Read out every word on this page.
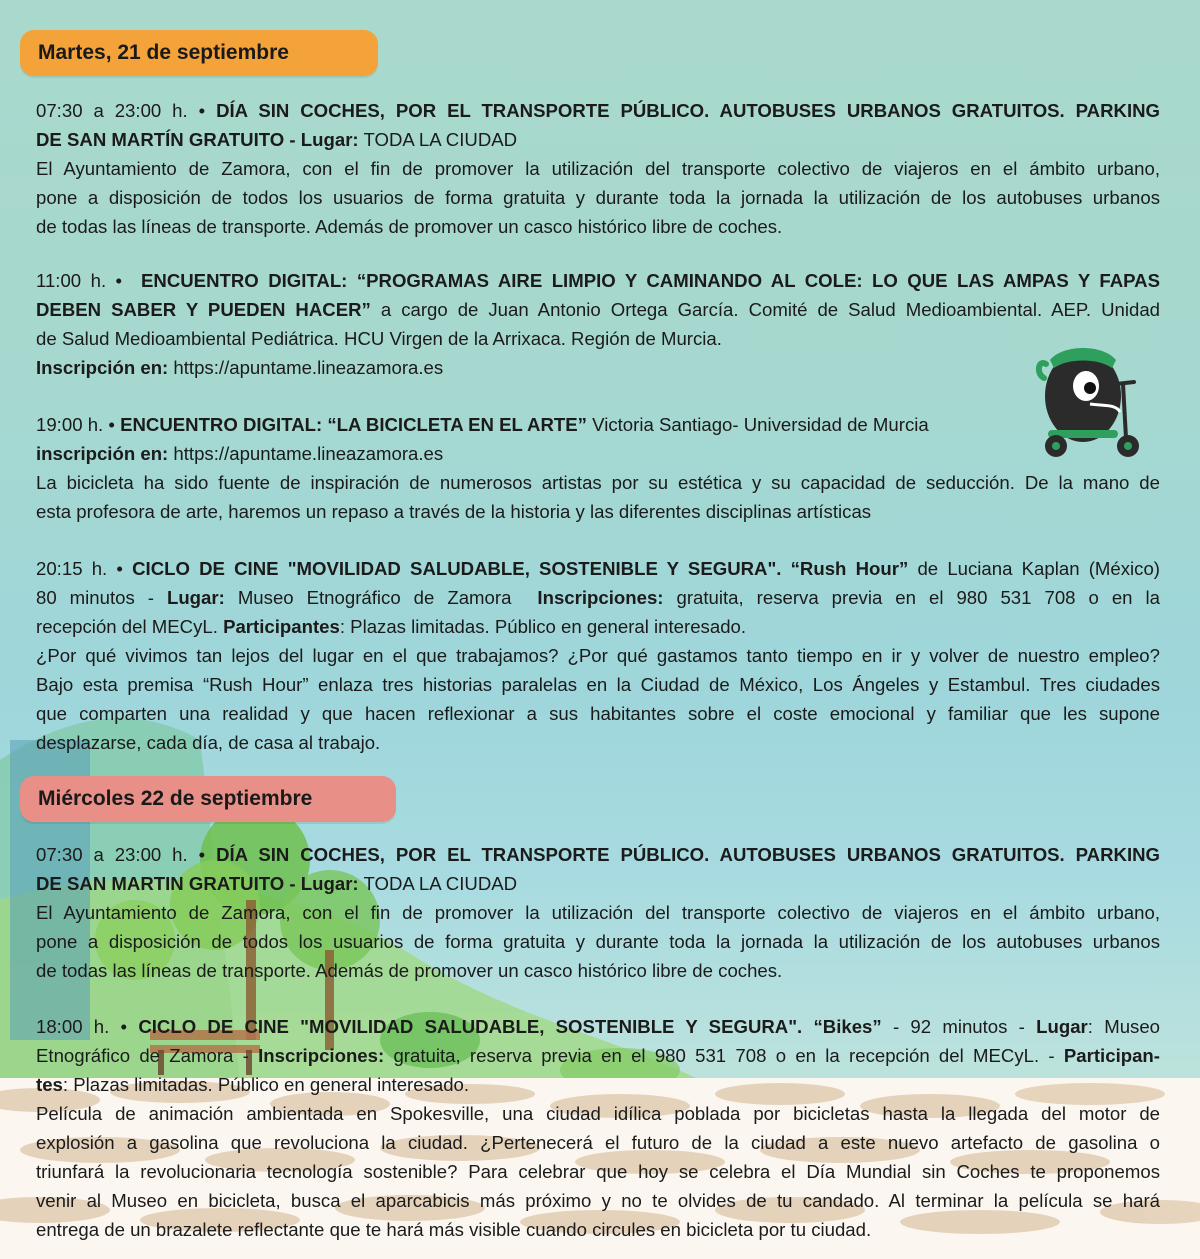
Martes, 21 de septiembre
07:30 a 23:00 h. • DÍA SIN COCHES, POR EL TRANSPORTE PÚBLICO. AUTOBUSES URBANOS GRATUITOS. PARKING
DE SAN MARTÍN GRATUITO - Lugar: TODA LA CIUDAD
El Ayuntamiento de Zamora, con el fin de promover la utilización del transporte colectivo de viajeros en el ámbito urbano,
pone a disposición de todos los usuarios de forma gratuita y durante toda la jornada la utilización de los autobuses urbanos
de todas las líneas de transporte. Además de promover un casco histórico libre de coches.
11:00 h. • ENCUENTRO DIGITAL: “PROGRAMAS AIRE LIMPIO Y CAMINANDO AL COLE: LO QUE LAS AMPAS Y FAPAS
DEBEN SABER Y PUEDEN HACER” a cargo de Juan Antonio Ortega García. Comité de Salud Medioambiental. AEP. Unidad
de Salud Medioambiental Pediátrica. HCU Virgen de la Arrixaca. Región de Murcia.
Inscripción en: https://apuntame.lineazamora.es
19:00 h. • ENCUENTRO DIGITAL: “LA BICICLETA EN EL ARTE” Victoria Santiago- Universidad de Murcia
inscripción en: https://apuntame.lineazamora.es
La bicicleta ha sido fuente de inspiración de numerosos artistas por su estética y su capacidad de seducción. De la mano de
esta profesora de arte, haremos un repaso a través de la historia y las diferentes disciplinas artísticas
20:15 h. • CICLO DE CINE "MOVILIDAD SALUDABLE, SOSTENIBLE Y SEGURA". “Rush Hour” de Luciana Kaplan (México)
80 minutos - Lugar: Museo Etnográfico de Zamora Inscripciones: gratuita, reserva previa en el 980 531 708 o en la
recepción del MECyL. Participantes: Plazas limitadas. Público en general interesado.
¿Por qué vivimos tan lejos del lugar en el que trabajamos? ¿Por qué gastamos tanto tiempo en ir y volver de nuestro empleo?
Bajo esta premisa “Rush Hour” enlaza tres historias paralelas en la Ciudad de México, Los Ángeles y Estambul. Tres ciudades
que comparten una realidad y que hacen reflexionar a sus habitantes sobre el coste emocional y familiar que les supone
desplazarse, cada día, de casa al trabajo.
Miércoles 22 de septiembre
07:30 a 23:00 h. • DÍA SIN COCHES, POR EL TRANSPORTE PÚBLICO. AUTOBUSES URBANOS GRATUITOS. PARKING
DE SAN MARTIN GRATUITO - Lugar: TODA LA CIUDAD
El Ayuntamiento de Zamora, con el fin de promover la utilización del transporte colectivo de viajeros en el ámbito urbano,
pone a disposición de todos los usuarios de forma gratuita y durante toda la jornada la utilización de los autobuses urbanos
de todas las líneas de transporte. Además de promover un casco histórico libre de coches.
18:00 h. • CICLO DE CINE "MOVILIDAD SALUDABLE, SOSTENIBLE Y SEGURA". “Bikes” - 92 minutos - Lugar: Museo
Etnográfico de Zamora - Inscripciones: gratuita, reserva previa en el 980 531 708 o en la recepción del MECyL. - Participan-
tes: Plazas limitadas. Público en general interesado.
Película de animación ambientada en Spokesville, una ciudad idílica poblada por bicicletas hasta la llegada del motor de
explosión a gasolina que revoluciona la ciudad. ¿Pertenecerá el futuro de la ciudad a este nuevo artefacto de gasolina o
triunfará la revolucionaria tecnología sostenible? Para celebrar que hoy se celebra el Día Mundial sin Coches te proponemos
venir al Museo en bicicleta, busca el aparcabicis más próximo y no te olvides de tu candado. Al terminar la película se hará
entrega de un brazalete reflectante que te hará más visible cuando circules en bicicleta por tu ciudad.
